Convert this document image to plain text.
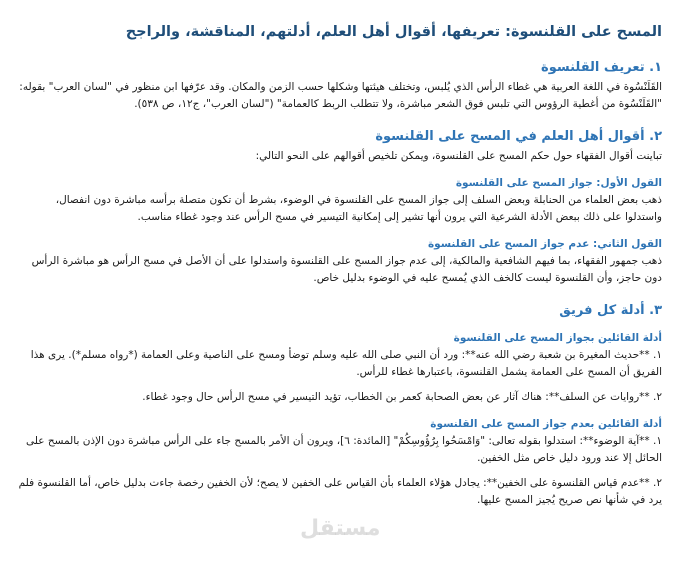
المسح على القلنسوة: تعريفها، أقوال أهل العلم، أدلتهم، المناقشة، والراجح
١. تعريف القلنسوة

القَلَنْسُوة في اللغة العربية هي غطاء الرأس الذي يُلبس، وتختلف هيئتها وشكلها حسب الزمن والمكان. وقد عرّفها ابن منظور في "لسان العرب" بقوله: "القَلَنْسُوة من أغطية الرؤوس التي تلبس فوق الشعر مباشرة، ولا تتطلب الربط كالعمامة" ("لسان العرب"، ج١٢، ص ٥٣٨).

٢. أقوال أهل العلم في المسح على القلنسوة

تباينت أقوال الفقهاء حول حكم المسح على القلنسوة، ويمكن تلخيص أقوالهم على النحو التالي:

القول الأول: جواز المسح على القلنسوة

ذهب بعض العلماء من الحنابلة وبعض السلف إلى جواز المسح على القلنسوة في الوضوء، بشرط أن تكون متصلة برأسه مباشرة دون انفصال، واستدلوا على ذلك ببعض الأدلة الشرعية التي يرون أنها تشير إلى إمكانية التيسير في مسح الرأس عند وجود غطاء مناسب.

القول الثاني: عدم جواز المسح على القلنسوة

ذهب جمهور الفقهاء، بما فيهم الشافعية والمالكية، إلى عدم جواز المسح على القلنسوة واستدلوا على أن الأصل في مسح الرأس هو مباشرة الرأس دون حاجز، وأن القلنسوة ليست كالخف الذي يُمسح عليه في الوضوء بدليل خاص.

٣. أدلة كل فريق
أدلة القائلين بجواز المسح على القلنسوة

١. **حديث المغيرة بن شعبة رضي الله عنه**: ورد أن النبي صلى الله عليه وسلم توضأ ومسح على الناصية وعلى العمامة (*رواه مسلم*). يرى هذا الفريق أن المسح على العمامة يشمل القلنسوة، باعتبارها غطاء للرأس.

٢. **روايات عن السلف**: هناك آثار عن بعض الصحابة كعمر بن الخطاب، تؤيد التيسير في مسح الرأس حال وجود غطاء.

أدلة القائلين بعدم جواز المسح على القلنسوة

١. **آية الوضوء**: استدلوا بقوله تعالى: "وَامْسَحُوا بِرُؤُوسِكُمْ" [المائدة: ٦]، ويرون أن الأمر بالمسح جاء على الرأس مباشرة دون الإذن بالمسح على الحائل إلا عند ورود دليل خاص مثل الخفين.

٢. **عدم قياس القلنسوة على الخفين**: يجادل هؤلاء العلماء بأن القياس على الخفين لا يصح؛ لأن الخفين رخصة جاءت بدليل خاص، أما القلنسوة فلم يرد في شأنها نص صريح يُجيز المسح عليها.

مستقل
